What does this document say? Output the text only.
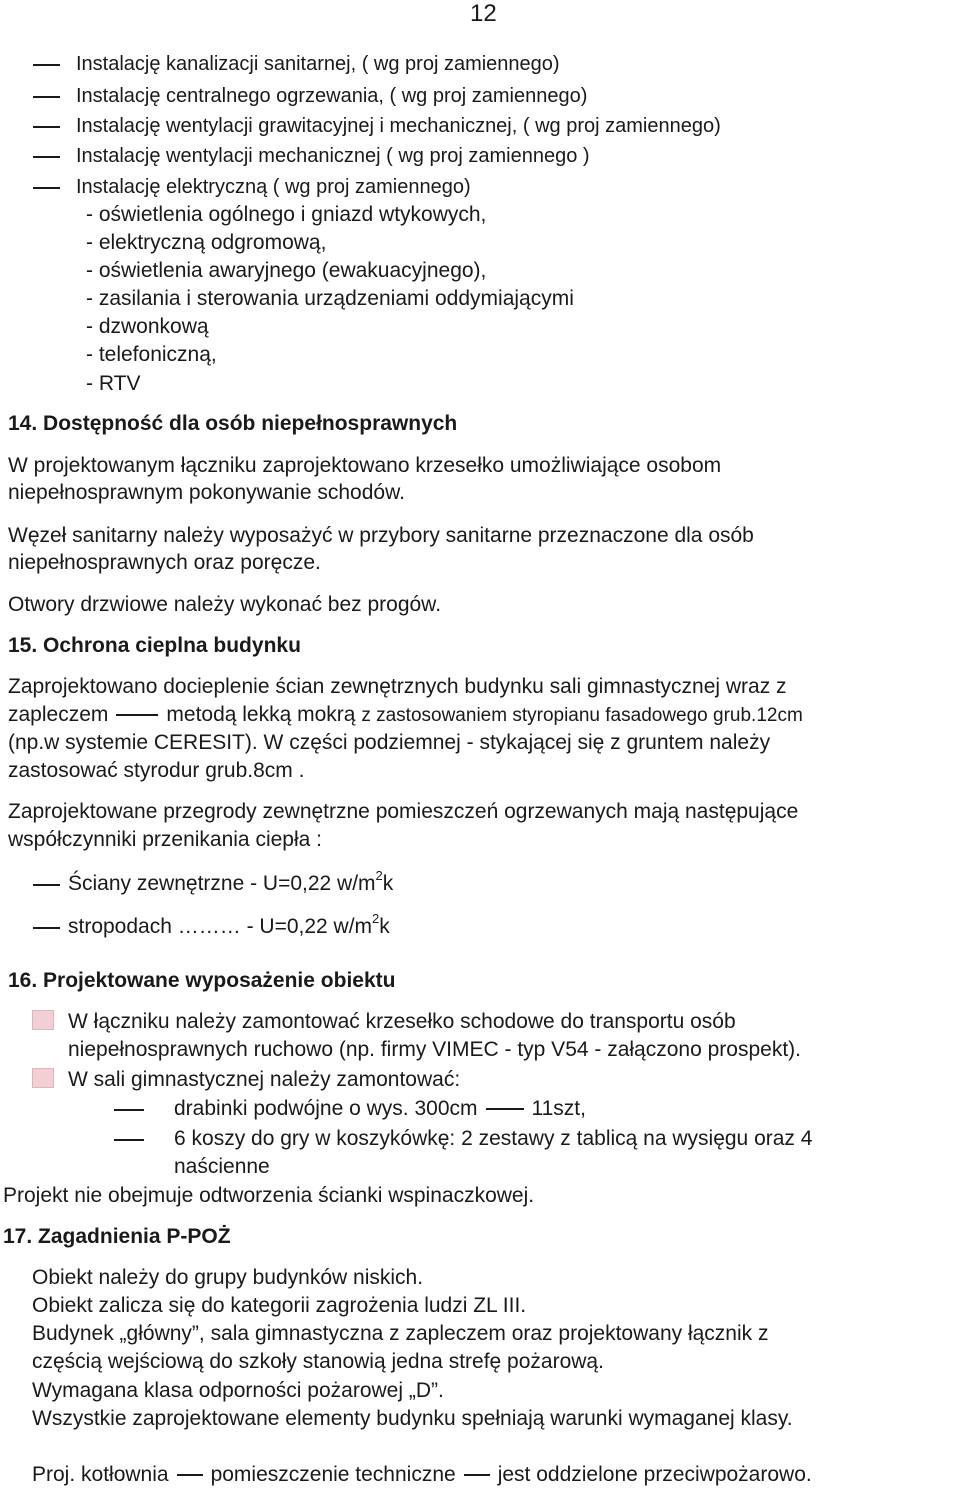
12
Instalację kanalizacji sanitarnej, ( wg proj zamiennego)
Instalację centralnego ogrzewania, ( wg proj zamiennego)
Instalację wentylacji grawitacyjnej i mechanicznej, ( wg proj zamiennego)
Instalację wentylacji mechanicznej ( wg proj zamiennego )
Instalację elektryczną ( wg proj zamiennego)
- oświetlenia ogólnego i gniazd wtykowych,
- elektryczną odgromową,
- oświetlenia awaryjnego (ewakuacyjnego),
- zasilania i sterowania urządzeniami oddymiającymi
- dzwonkową
- telefoniczną,
- RTV
14. Dostępność dla osób niepełnosprawnych
W projektowanym łączniku zaprojektowano krzesełko umożliwiające osobom
niepełnosprawnym pokonywanie schodów.
Węzeł sanitarny należy wyposażyć w przybory sanitarne przeznaczone dla osób
niepełnosprawnych oraz poręcze.
Otwory drzwiowe należy wykonać bez progów.
15. Ochrona cieplna budynku
Zaprojektowano docieplenie ścian zewnętrznych budynku sali gimnastycznej wraz z
zapleczem	metodą lekką mokrą z zastosowaniem styropianu fasadowego grub.12cm
(np.w systemie CERESIT). W części podziemnej - stykającej się z gruntem należy
zastosować styrodur grub.8cm .
Zaprojektowane przegrody zewnętrzne pomieszczeń ogrzewanych mają następujące
współczynniki przenikania ciepła :
Ściany zewnętrzne - U=0,22 $w/m^2k$
stropodach ……… - U=0,22 $w/m^2k$
16. Projektowane wyposażenie obiektu
W łączniku należy zamontować krzesełko schodowe do transportu osób
niepełnosprawnych ruchowo (np. firmy VIMEC - typ V54 - załączono prospekt).
W sali gimnastycznej należy zamontować:
drabinki podwójne o wys. 300cm	11szt,
6 koszy do gry w koszykówkę: 2 zestawy z tablicą na wysięgu oraz 4
naścienne
Projekt nie obejmuje odtworzenia ścianki wspinaczkowej.
17. Zagadnienia P-POŻ
Obiekt należy do grupy budynków niskich.
Obiekt zalicza się do kategorii zagrożenia ludzi ZL III.
Budynek „główny”, sala gimnastyczna z zapleczem oraz projektowany łącznik z
częścią wejściową do szkoły stanowią jedna strefę pożarową.
Wymagana klasa odporności pożarowej „D”.
Wszystkie zaprojektowane elementy budynku spełniają warunki wymaganej klasy.
Proj. kotłownia pomieszczenie techniczne jest oddzielone przeciwpożarowo.
